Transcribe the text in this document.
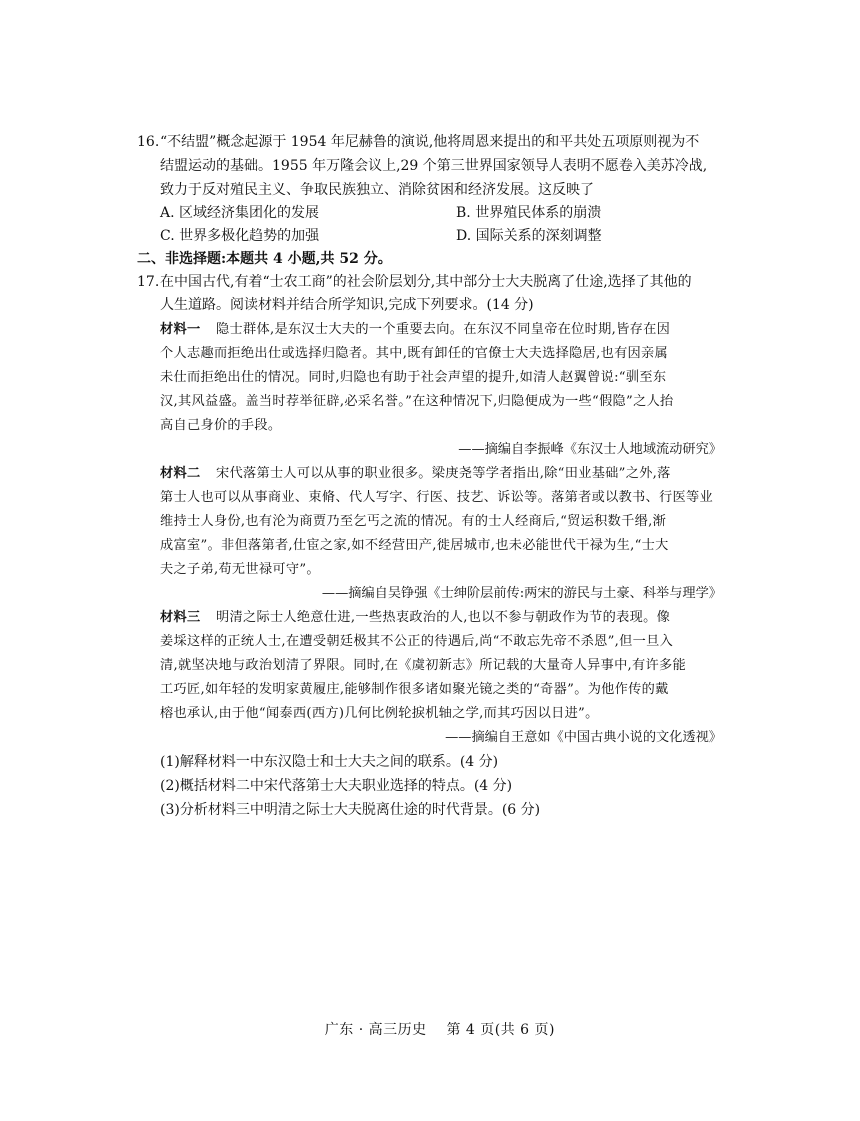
16. “不结盟”概念起源于 1954 年尼赫鲁的演说,他将周恩来提出的和平共处五项原则视为不
结盟运动的基础。1955 年万隆会议上,29 个第三世界国家领导人表明不愿卷入美苏冷战,
致力于反对殖民主义、争取民族独立、消除贫困和经济发展。这反映了
A. 区域经济集团化的发展	B. 世界殖民体系的崩溃
C. 世界多极化趋势的加强	D. 国际关系的深刻调整
二、非选择题:本题共 4 小题,共 52 分。
17. 在中国古代,有着“士农工商”的社会阶层划分,其中部分士大夫脱离了仕途,选择了其他的
人生道路。阅读材料并结合所学知识,完成下列要求。(14 分)
材料一 隐士群体,是东汉士大夫的一个重要去向。在东汉不同皇帝在位时期,皆存在因
个人志趣而拒绝出仕或选择归隐者。其中,既有卸任的官僚士大夫选择隐居,也有因亲属
未仕而拒绝出仕的情况。同时,归隐也有助于社会声望的提升,如清人赵翼曾说:“驯至东
汉,其风益盛。盖当时荐举征辟,必采名誉。”在这种情况下,归隐便成为一些“假隐”之人抬
高自己身价的手段。
——摘编自李振峰《东汉士人地域流动研究》
材料二 宋代落第士人可以从事的职业很多。梁庚尧等学者指出,除“田业基础”之外,落
第士人也可以从事商业、束脩、代人写字、行医、技艺、诉讼等。落第者或以教书、行医等业
维持士人身份,也有沦为商贾乃至乞丐之流的情况。有的士人经商后,“贸运积数千缗,渐
成富室”。非但落第者,仕宦之家,如不经营田产,徙居城市,也未必能世代干禄为生,“士大
夫之子弟,苟无世禄可守”。
——摘编自吴铮强《士绅阶层前传:两宋的游民与土豪、科举与理学》
材料三 明清之际士人绝意仕进,一些热衷政治的人,也以不参与朝政作为节的表现。像
姜埰这样的正统人士,在遭受朝廷极其不公正的待遇后,尚“不敢忘先帝不杀恩”,但一旦入
清,就坚决地与政治划清了界限。同时,在《虞初新志》所记载的大量奇人异事中,有许多能
工巧匠,如年轻的发明家黄履庄,能够制作很多诸如聚光镜之类的“奇器”。为他作传的戴
榕也承认,由于他“闻泰西(西方)几何比例轮捩机轴之学,而其巧因以日进”。
——摘编自王意如《中国古典小说的文化透视》
(1)解释材料一中东汉隐士和士大夫之间的联系。(4 分)
(2)概括材料二中宋代落第士大夫职业选择的特点。(4 分)
(3)分析材料三中明清之际士大夫脱离仕途的时代背景。(6 分)

广东 · 高三历史    第 4 页(共 6 页)
